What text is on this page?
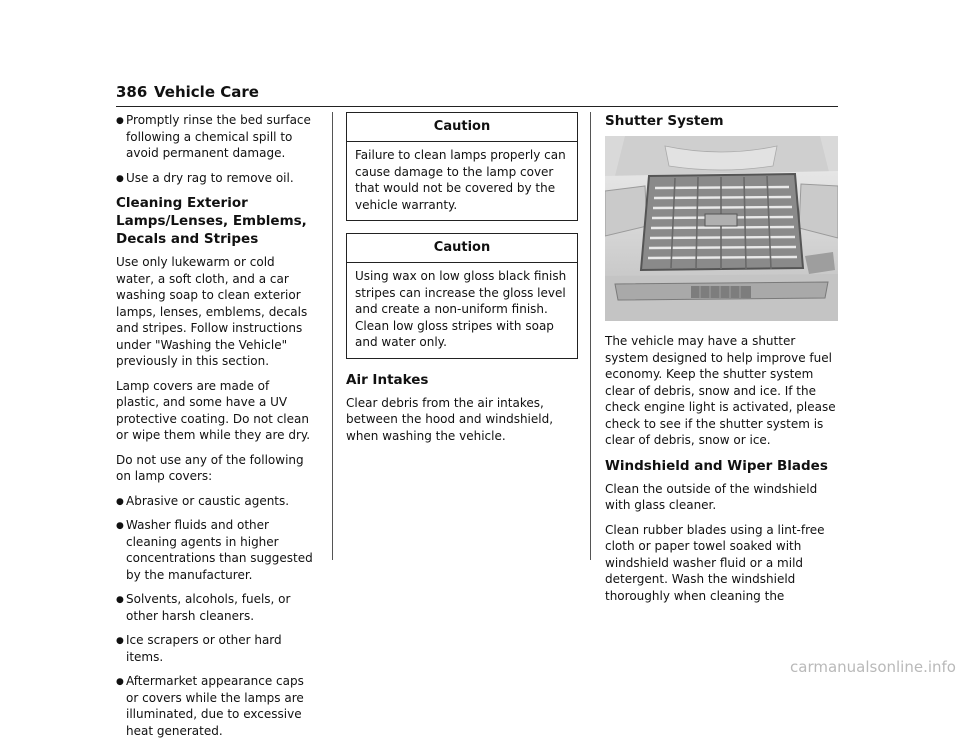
386 Vehicle Care
● Promptly rinse the bed surface following a chemical spill to avoid permanent damage.
● Use a dry rag to remove oil.
Cleaning Exterior Lamps/Lenses, Emblems, Decals and Stripes

Use only lukewarm or cold water, a soft cloth, and a car washing soap to clean exterior lamps, lenses, emblems, decals and stripes. Follow instructions under "Washing the Vehicle" previously in this section.

Lamp covers are made of plastic, and some have a UV protective coating. Do not clean or wipe them while they are dry.

Do not use any of the following on lamp covers:

● Abrasive or caustic agents.
● Washer fluids and other cleaning agents in higher concentrations than suggested by the manufacturer.
● Solvents, alcohols, fuels, or other harsh cleaners.
● Ice scrapers or other hard items.
● Aftermarket appearance caps or covers while the lamps are illuminated, due to excessive heat generated.
Caution
Failure to clean lamps properly can cause damage to the lamp cover that would not be covered by the vehicle warranty.
Caution
Using wax on low gloss black finish stripes can increase the gloss level and create a non-uniform finish. Clean low gloss stripes with soap and water only.
Air Intakes

Clear debris from the air intakes, between the hood and windshield, when washing the vehicle.

Shutter System

The vehicle may have a shutter system designed to help improve fuel economy. Keep the shutter system clear of debris, snow and ice. If the check engine light is activated, please check to see if the shutter system is clear of debris, snow or ice.

Windshield and Wiper Blades

Clean the outside of the windshield with glass cleaner.

Clean rubber blades using a lint-free cloth or paper towel soaked with windshield washer fluid or a mild detergent. Wash the windshield thoroughly when cleaning the

carmanualsonline.info
